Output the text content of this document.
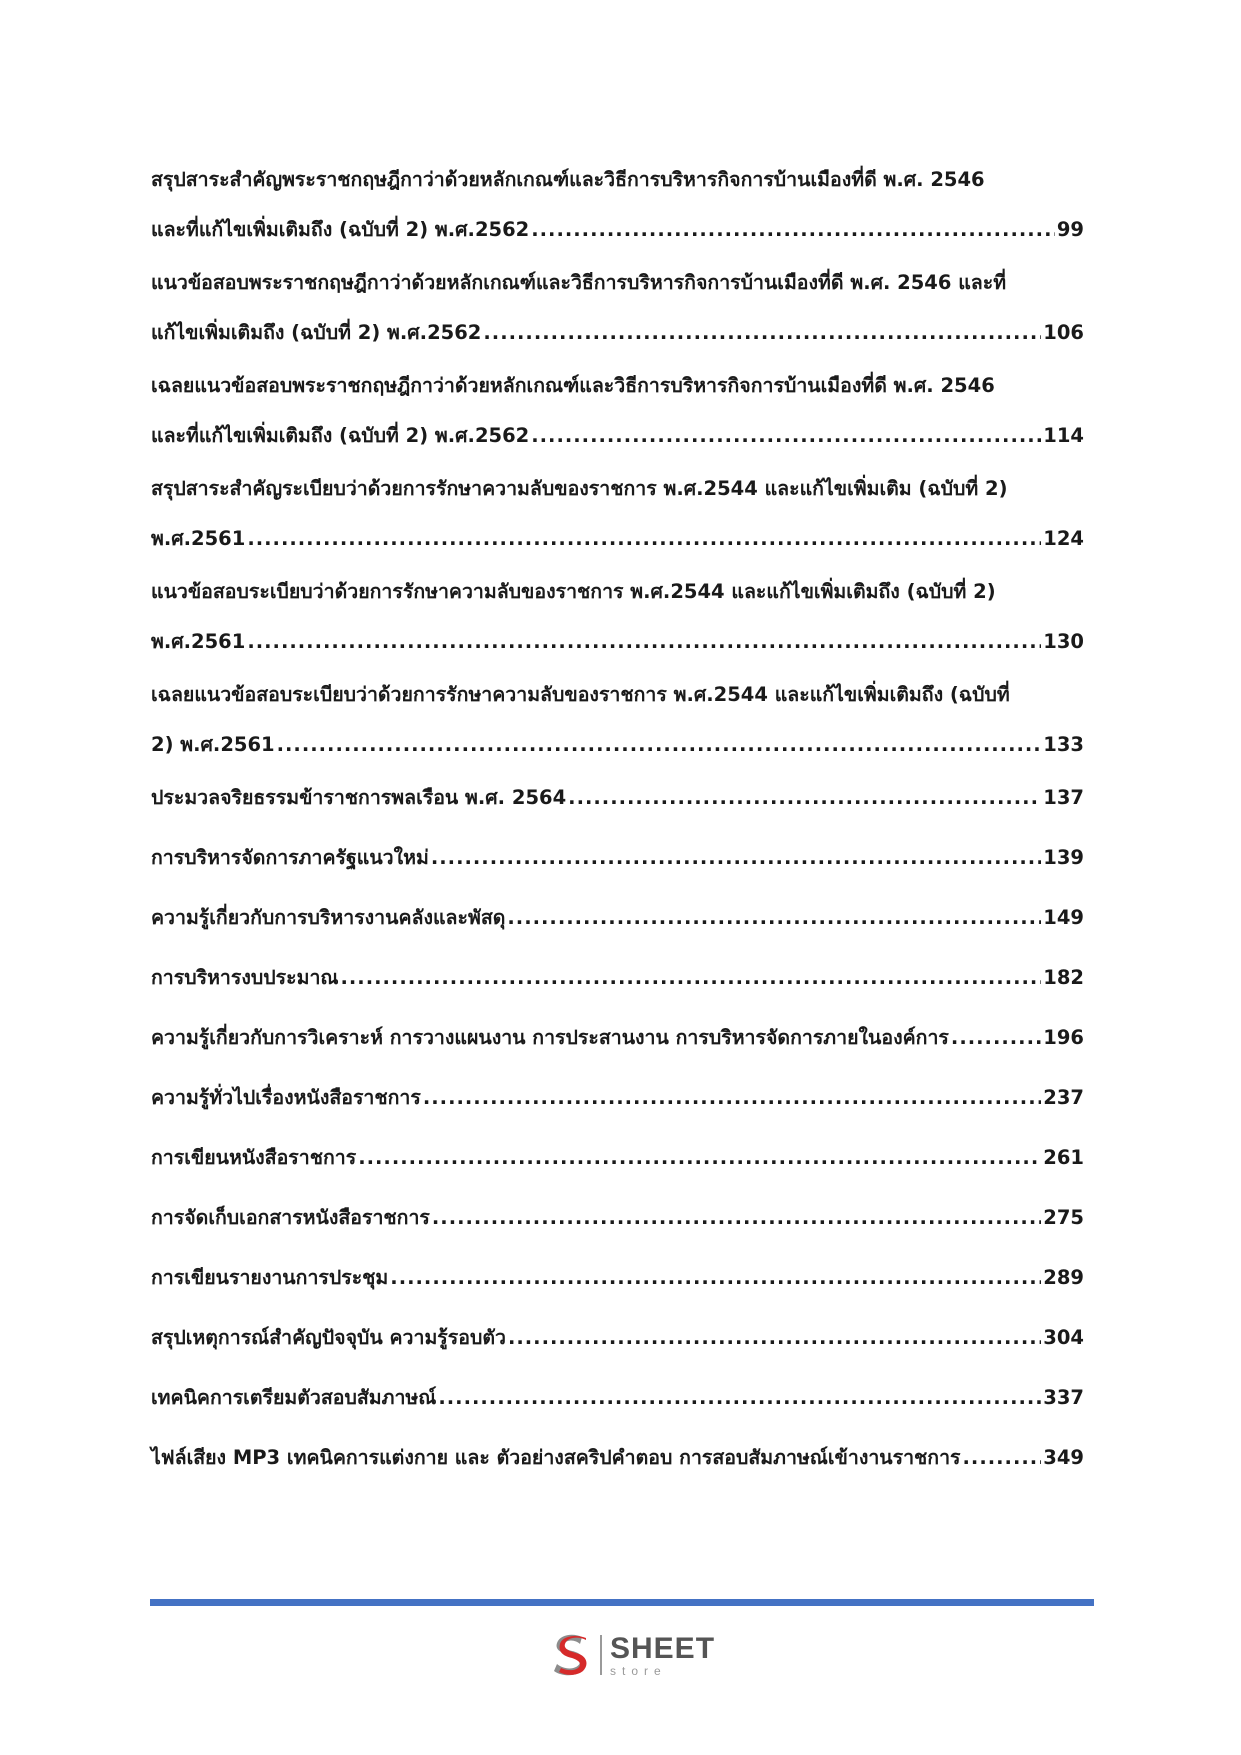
สรุปสาระสำคัญพระราชกฤษฎีกาว่าด้วยหลักเกณฑ์และวิธีการบริหารกิจการบ้านเมืองที่ดี พ.ศ. 2546
และที่แก้ไขเพิ่มเติมถึง (ฉบับที่ 2) พ.ศ.2562 .....	99
แนวข้อสอบพระราชกฤษฎีกาว่าด้วยหลักเกณฑ์และวิธีการบริหารกิจการบ้านเมืองที่ดี พ.ศ. 2546 และที่
แก้ไขเพิ่มเติมถึง (ฉบับที่ 2) พ.ศ.2562 .....	106
เฉลยแนวข้อสอบพระราชกฤษฎีกาว่าด้วยหลักเกณฑ์และวิธีการบริหารกิจการบ้านเมืองที่ดี พ.ศ. 2546
และที่แก้ไขเพิ่มเติมถึง (ฉบับที่ 2) พ.ศ.2562 .....	114
สรุปสาระสำคัญระเบียบว่าด้วยการรักษาความลับของราชการ พ.ศ.2544 และแก้ไขเพิ่มเติม (ฉบับที่ 2)
พ.ศ.2561 .....	124
แนวข้อสอบระเบียบว่าด้วยการรักษาความลับของราชการ พ.ศ.2544 และแก้ไขเพิ่มเติมถึง (ฉบับที่ 2)
พ.ศ.2561 .....	130
เฉลยแนวข้อสอบระเบียบว่าด้วยการรักษาความลับของราชการ พ.ศ.2544 และแก้ไขเพิ่มเติมถึง (ฉบับที่
2) พ.ศ.2561 .....	133
ประมวลจริยธรรมข้าราชการพลเรือน พ.ศ. 2564 .....	137
การบริหารจัดการภาครัฐแนวใหม่ .....	139
ความรู้เกี่ยวกับการบริหารงานคลังและพัสดุ .....	149
การบริหารงบประมาณ .....	182
ความรู้เกี่ยวกับการวิเคราะห์ การวางแผนงาน การประสานงาน การบริหารจัดการภายในองค์การ .....	196
ความรู้ทั่วไปเรื่องหนังสือราชการ .....	237
การเขียนหนังสือราชการ .....	261
การจัดเก็บเอกสารหนังสือราชการ .....	275
การเขียนรายงานการประชุม .....	289
สรุปเหตุการณ์สำคัญปัจจุบัน ความรู้รอบตัว .....	304
เทคนิคการเตรียมตัวสอบสัมภาษณ์ .....	337
ไฟล์เสียง MP3 เทคนิคการแต่งกาย และ ตัวอย่างสคริปคำตอบ การสอบสัมภาษณ์เข้างานราชการ .....	349
SHEET
store
